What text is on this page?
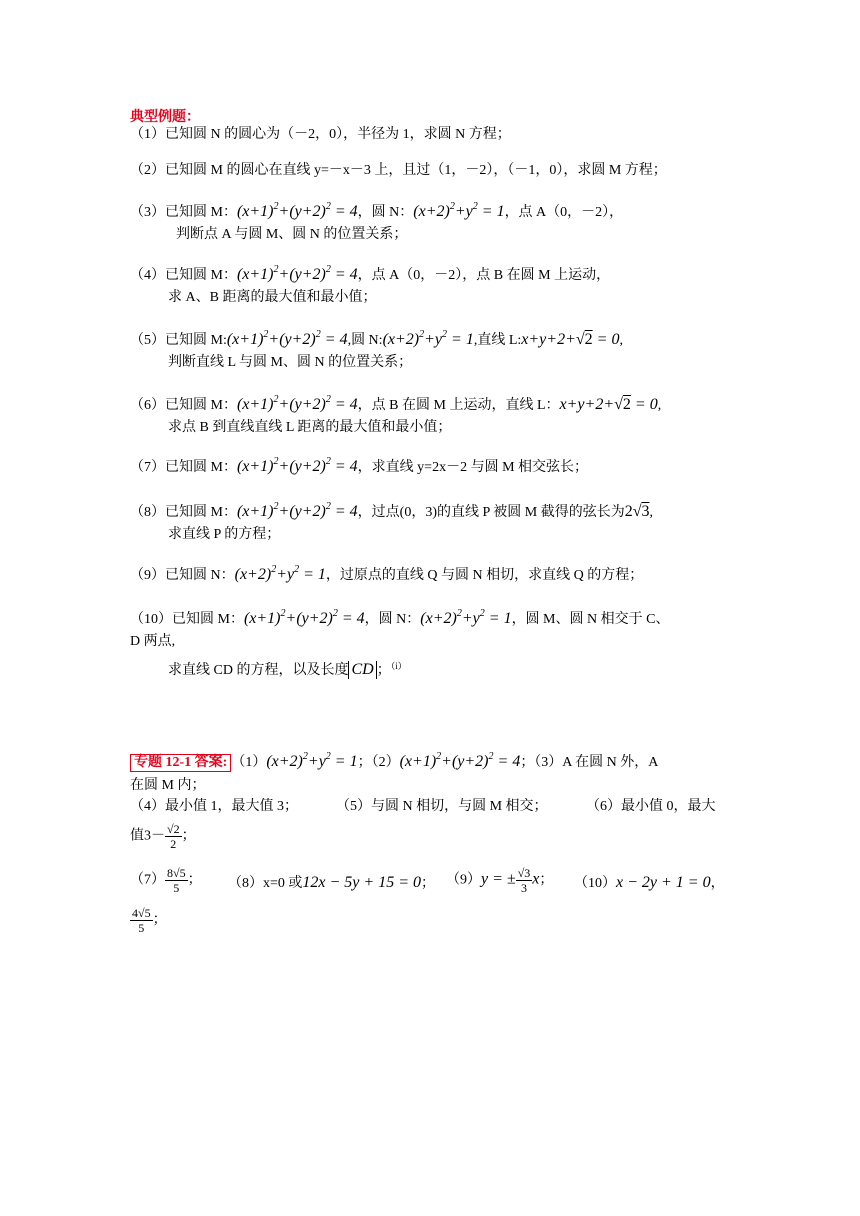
典型例题：
（1）已知圆 N 的圆心为（－2，0），半径为 1，求圆 N 方程；
（2）已知圆 M 的圆心在直线 y=－x－3 上，且过（1，－2），（－1，0），求圆 M 方程；
（3）已知圆 M：$(x+1)^2+(y+2)^2 = 4$，圆 N：$(x+2)^2+y^2 = 1$，点 A（0，－2），
判断点 A 与圆 M、圆 N 的位置关系；
（4）已知圆 M：$(x+1)^2+(y+2)^2 = 4$，点 A（0，－2），点 B 在圆 M 上运动，
求 A、B 距离的最大值和最小值；
（5）已知圆 $M:(x+1)^2+(y+2)^2 = 4$,圆 $N:(x+2)^2+y^2 = 1$,直线 L:x+y+2+√2 = 0,
判断直线 L 与圆 M、圆 N 的位置关系；
（6）已知圆 M：$(x+1)^2+(y+2)^2 = 4$，点 B 在圆 M 上运动，直线 L：x+y+2+√2 = 0,
求点 B 到直线直线 L 距离的最大值和最小值；
（7）已知圆 M：$(x+1)^2+(y+2)^2 = 4$，求直线 y=2x－2 与圆 M 相交弦长；
（8）已知圆 M：$(x+1)^2+(y+2)^2 = 4$，过点(0，3)的直线 P 被圆 M 截得的弦长为2√3,
求直线 P 的方程；
（9）已知圆 N：$(x+2)^2+y^2 = 1$，过原点的直线 Q 与圆 N 相切，求直线 Q 的方程；
（10）已知圆 M：$(x+1)^2+(y+2)^2 = 4$，圆 N：$(x+2)^2+y^2 = 1$，圆 M、圆 N 相交于 C、
D 两点,
求直线 CD 的方程，以及长度 CD ；$^{(i)}$
专题 12-1 答案: $(1)(x+2)^2+y^2 = 1$；$(2)(x+1)^2+(y+2)^2 = 4$；（3）A 在圆 N 外，A
在圆 M 内；
（4）最小值 1，最大值 3；	（5）与圆 N 相切，与圆 M 相交；	（6）最小值 0，最大
值$3- \frac{√2}{2}$ ；
$(7) \frac{8√5}{5}$ ； （8）x=0 或12x − 5y + 15 = 0； （9）y = ± $\frac{√3}{3}$ x； （10）x − 2y + 1 = 0，
$\frac{4√5}{5}$ ；
